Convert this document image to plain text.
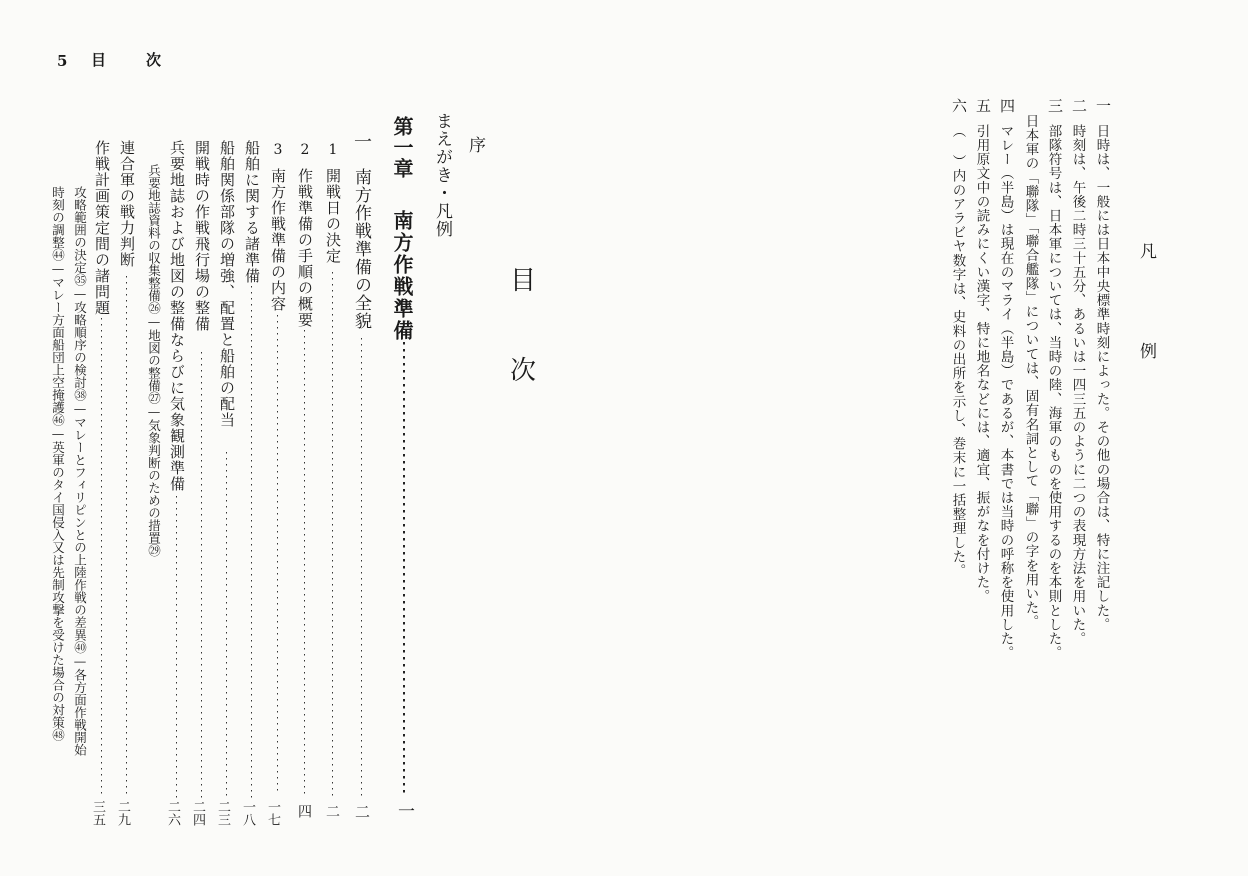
5 目	次
目
次
序
まえがき・凡例
第一章
南方作戦準備
一
一
南方作戦準備の全貌
二
1
開戦日の決定
二
2
作戦準備の手順の概要
四
3
南方作戦準備の内容
一七
船舶に関する諸準備
一八
船舶関係部隊の増強、配置と船舶の配当
二三
開戦時の作戦飛行場の整備
二四
兵要地誌および地図の整備ならびに気象観測準備
二六
兵要地誌資料の収集整備㉖—地図の整備㉗—気象判断のための措置㉙
連合軍の戦力判断
二九
作戦計画策定間の諸問題
三五
攻略範囲の決定㉟—攻略順序の検討㊳—マレーとフィリピンとの上陸作戦の差異㊵—各方面作戦開始
時刻の調整㊹—マレー方面船団上空掩護㊻—英軍のタイ国侵入又は先制攻撃を受けた場合の対策㊽	凡
例
一
日時は、一般には日本中央標準時刻によった。その他の場合は、特に注記した。
二
時刻は、午後二時三十五分、あるいは一四三五のように二つの表現方法を用いた。
三
部隊符号は、日本軍については、当時の陸、海軍のものを使用するのを本則とした。
日本軍の「聯隊」「聯合艦隊」については、固有名詞として「聯」の字を用いた。
四
マレー（半島）は現在のマライ（半島）であるが、本書では当時の呼称を使用した。
五
引用原文中の読みにくい漢字、特に地名などには、適宜、振がなを付けた。
六
（ ）内のアラビヤ数字は、史料の出所を示し、巻末に一括整理した。
